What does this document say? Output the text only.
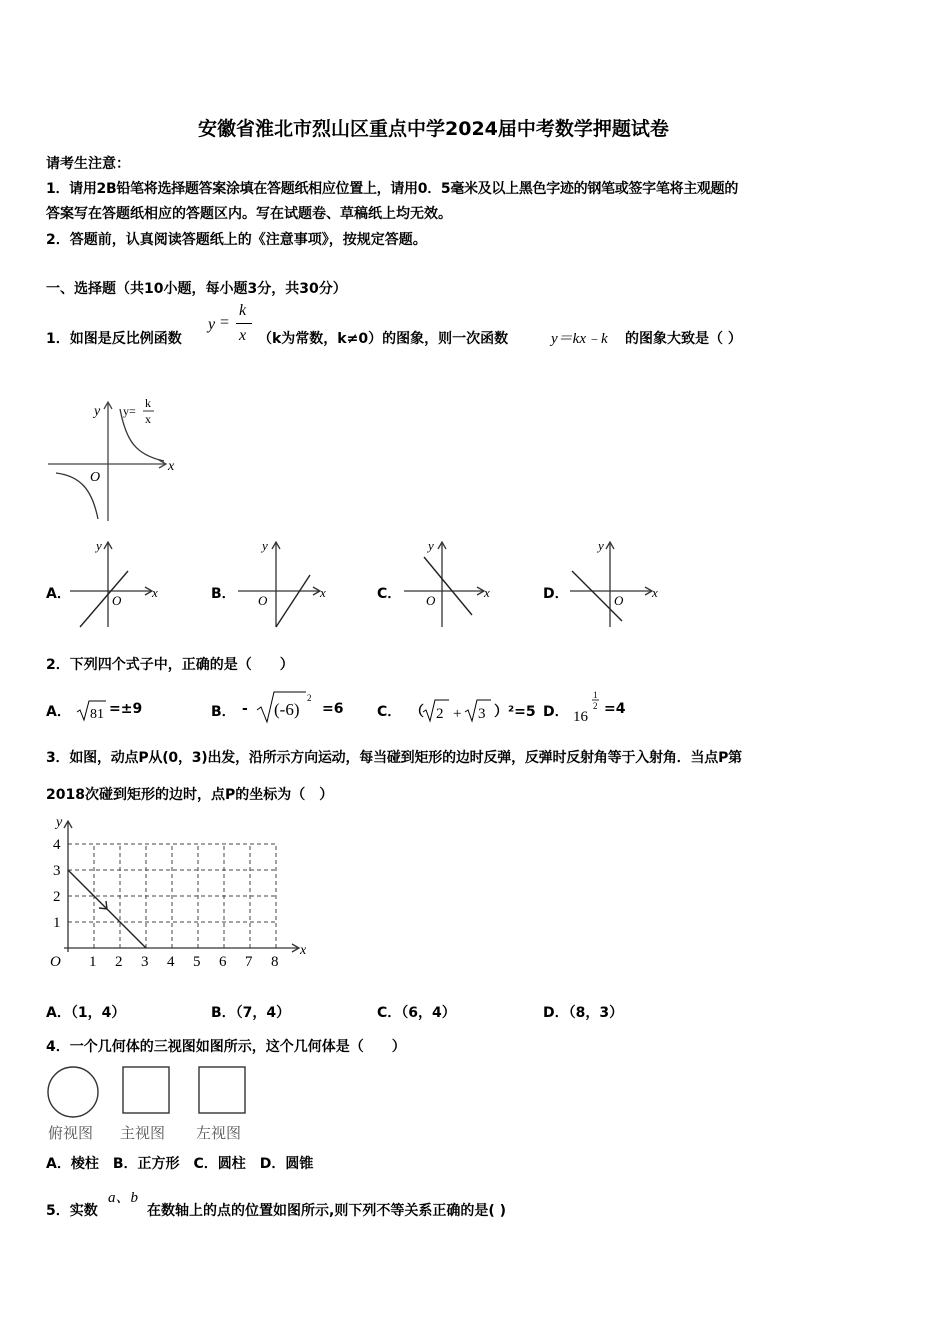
安徽省淮北市烈山区重点中学2024届中考数学押题试卷
请考生注意：
1．请用2B铅笔将选择题答案涂填在答题纸相应位置上，请用0．5毫米及以上黑色字迹的钢笔或签字笔将主观题的
答案写在答题纸相应的答题区内。写在试题卷、草稿纸上均无效。
2．答题前，认真阅读答题纸上的《注意事项》，按规定答题。
一、选择题（共10小题，每小题3分，共30分）
1．如图是反比例函数
y =
k
x （k为常数，k≠0）的图象，则一次函数	y＝kx﹣k 的图象大致是（ ）
y
x
O
y=
k
x
A．
y
x
O	B．
y
x
O	C．
y
x
O	D．
y
x
O
2．下列四个式子中，正确的是（　　）
A． 81 =±9	B． - (-6)
2
=6 C． （ 2 + 3 ）²=5 D． 16
1
2 =4
3．如图，动点P从(0，3)出发，沿所示方向运动，每当碰到矩形的边时反弹，反弹时反射角等于入射角．当点P第
2018次碰到矩形的边时，点P的坐标为（　）
1 2 3 4 5 6 7 8
1
2
3
4
O
x
y
A．（1，4）	B．（7，4）	C．（6，4）	D．（8，3）
4．一个几何体的三视图如图所示，这个几何体是（　　）
俯视图 主视图 左视图
A．棱柱　B．正方形　C．圆柱　D．圆锥
5．实数
a、b
在数轴上的点的位置如图所示,则下列不等关系正确的是( )
